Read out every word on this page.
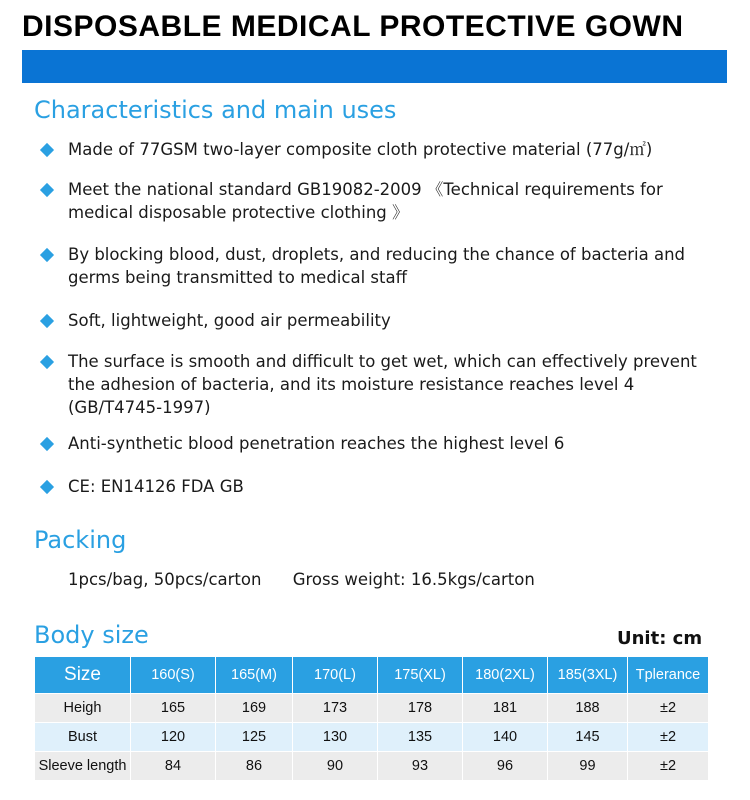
DISPOSABLE MEDICAL PROTECTIVE GOWN
Characteristics and main uses
Made of 77GSM two-layer composite cloth protective material (77g/㎡)
Meet the national standard GB19082-2009 《Technical requirements for
medical disposable protective clothing 》
By blocking blood, dust, droplets, and reducing the chance of bacteria and
germs being transmitted to medical staff
Soft, lightweight, good air permeability
The surface is smooth and difficult to get wet, which can effectively prevent
the adhesion of bacteria, and its moisture resistance reaches level 4
(GB/T4745-1997)
Anti-synthetic blood penetration reaches the highest level 6
CE: EN14126 FDA GB
Packing
1pcs/bag, 50pcs/carton Gross weight: 16.5kgs/carton
Body size	Unit: cm
Size	160(S)	165(M)	170(L)	175(XL)	180(2XL)	185(3XL)	Tplerance
Heigh	165	169	173	178	181	188	±2
Bust	120	125	130	135	140	145	±2
Sleeve length	84	86	90	93	96	99	±2
